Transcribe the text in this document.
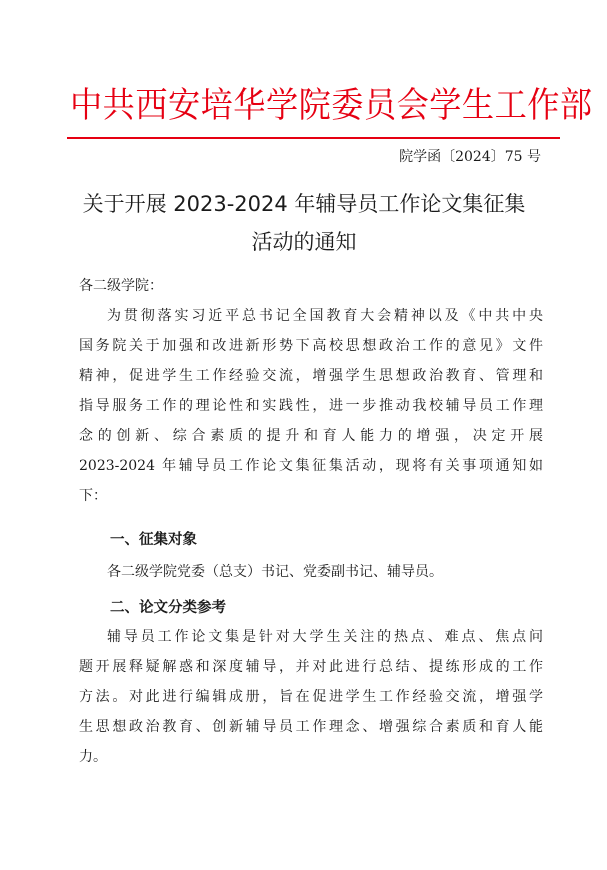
中共西安培华学院委员会学生工作部
院学函〔2024〕75 号
关于开展 2023-2024 年辅导员工作论文集征集
活动的通知
各二级学院：
为贯彻落实习近平总书记全国教育大会精神以及《中共中央
国务院关于加强和改进新形势下高校思想政治工作的意见》文件
精神，促进学生工作经验交流，增强学生思想政治教育、管理和
指导服务工作的理论性和实践性，进一步推动我校辅导员工作理
念的创新、综合素质的提升和育人能力的增强，决定开展
2023-2024 年辅导员工作论文集征集活动，现将有关事项通知如
下：
一、征集对象
各二级学院党委（总支）书记、党委副书记、辅导员。
二、论文分类参考
辅导员工作论文集是针对大学生关注的热点、难点、焦点问
题开展释疑解惑和深度辅导，并对此进行总结、提练形成的工作
方法。对此进行编辑成册，旨在促进学生工作经验交流，增强学
生思想政治教育、创新辅导员工作理念、增强综合素质和育人能
力。
